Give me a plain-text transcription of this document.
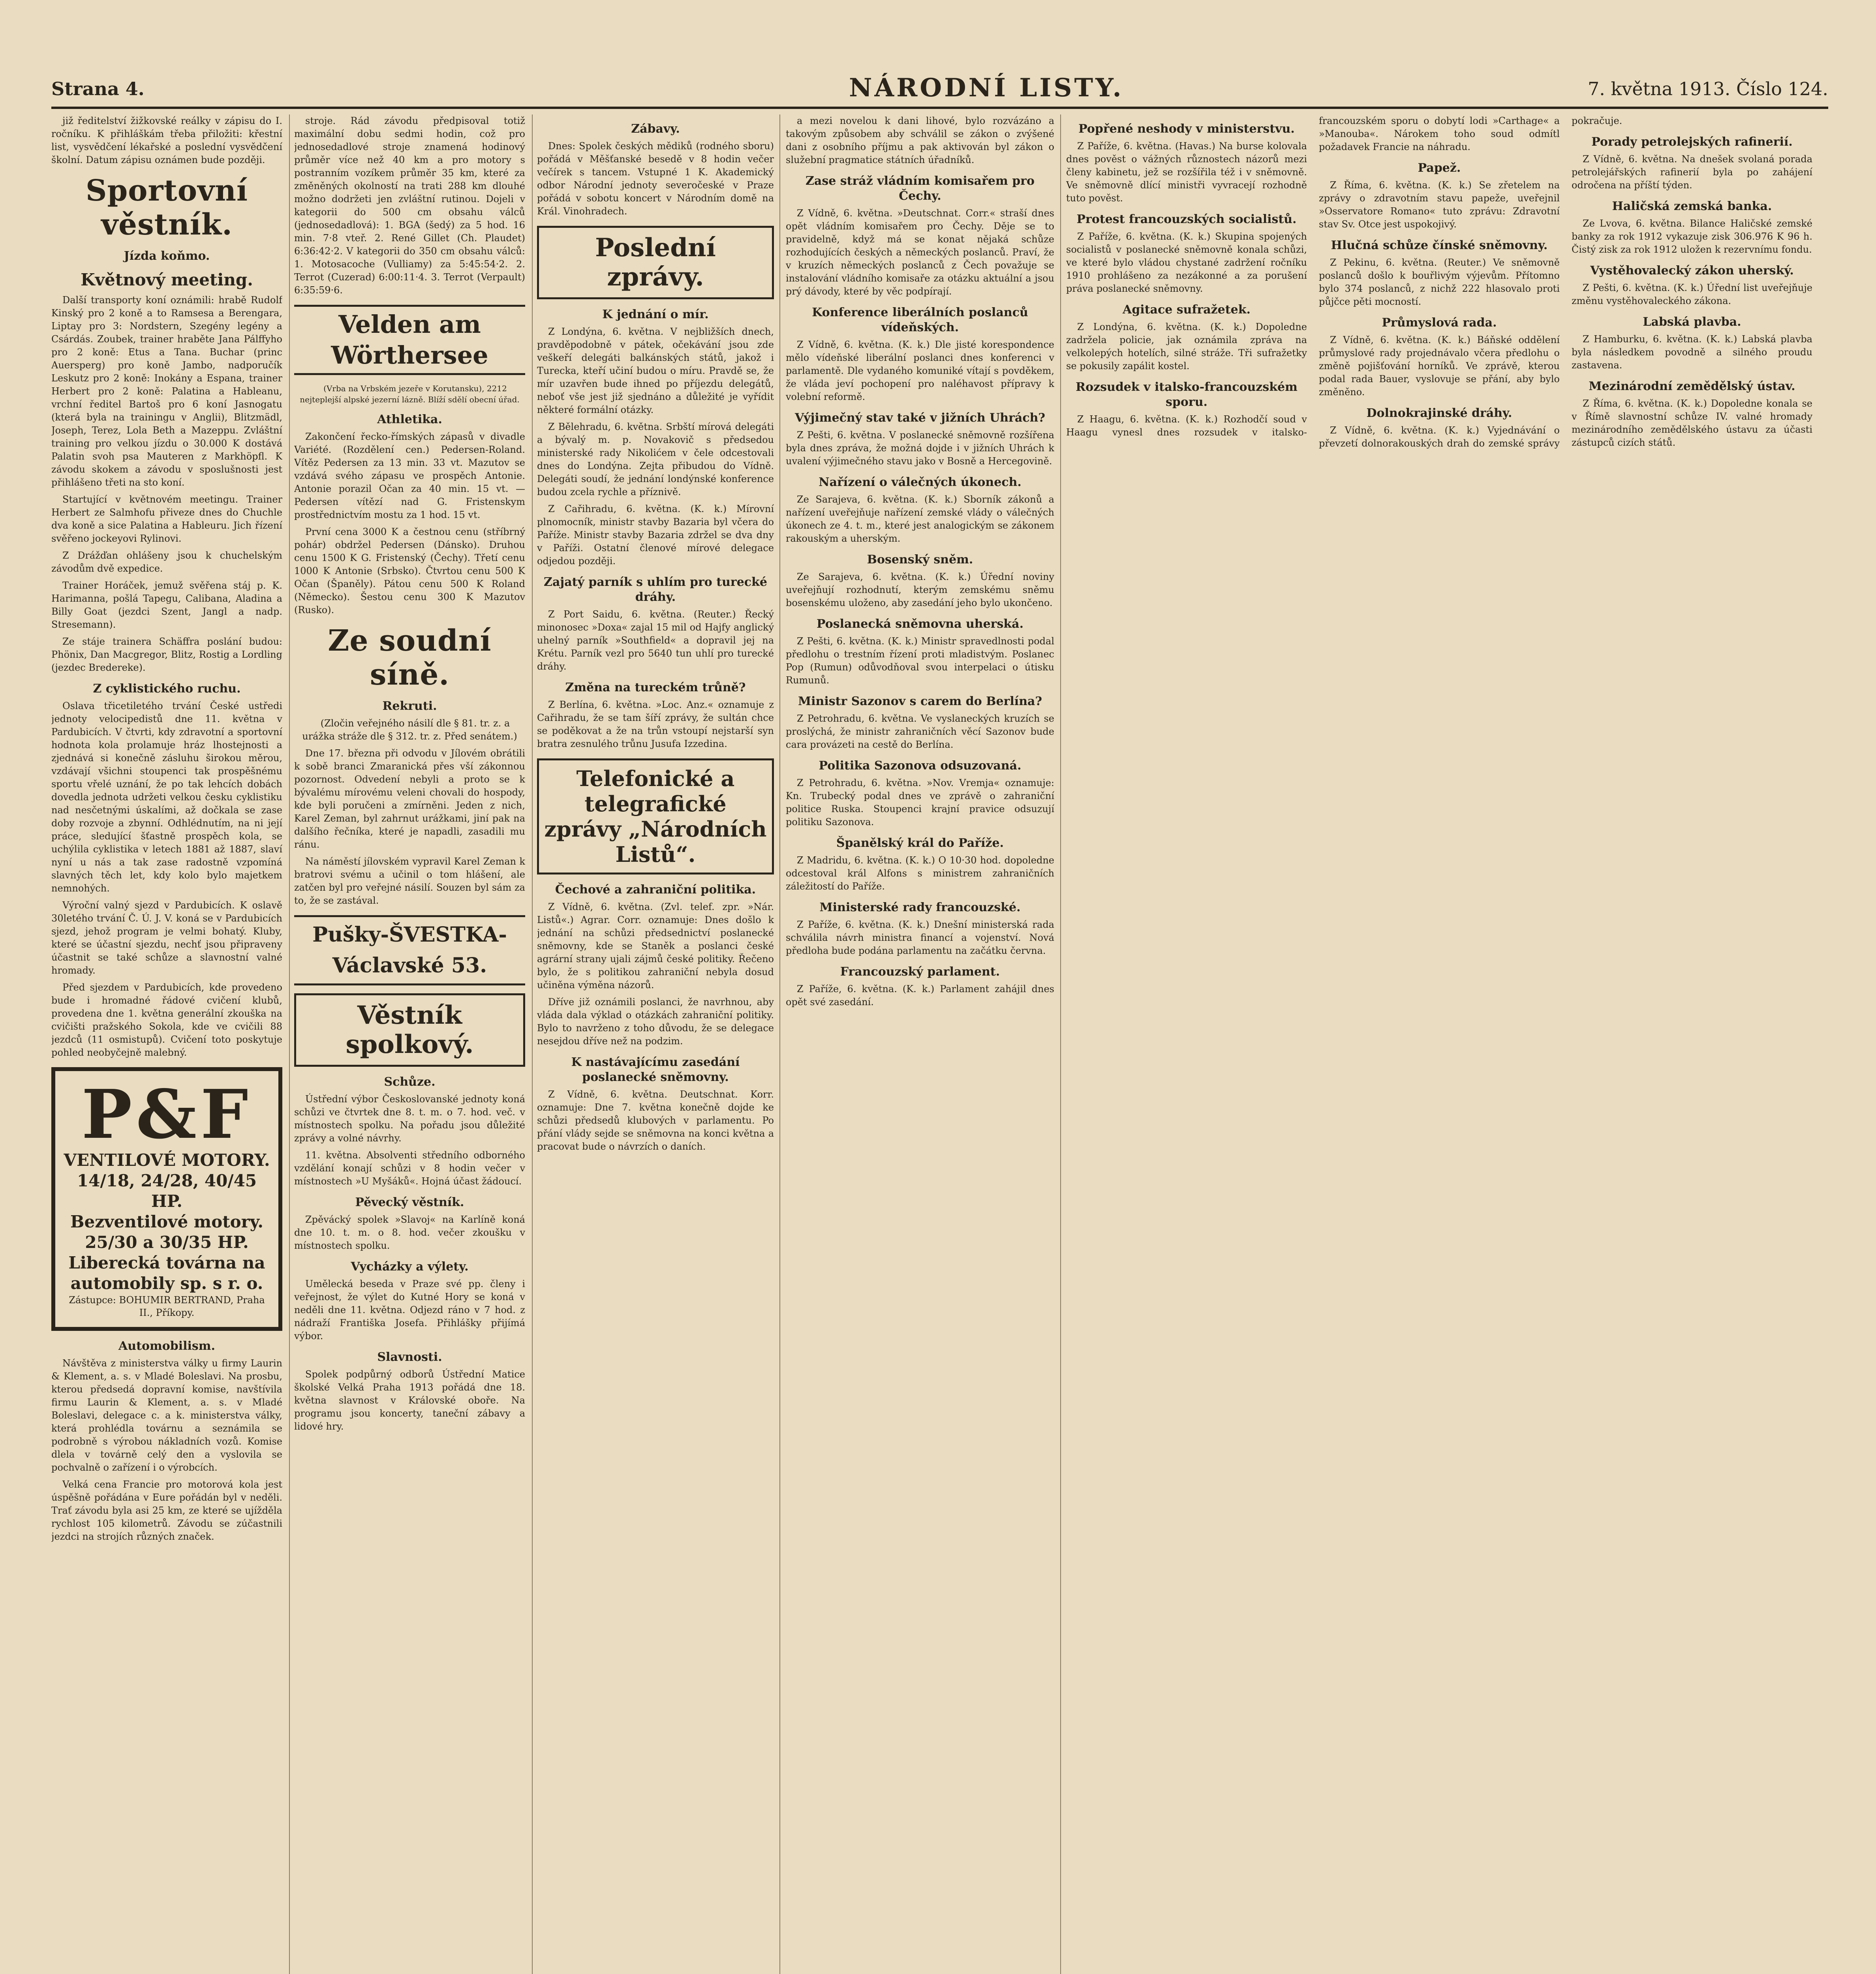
Strana 4.	NÁRODNÍ LISTY.	7. května 1913. Číslo 124.

již ředitelství žižkovské reálky v zápisu do I. ročníku. K přihláškám třeba přiložiti: křestní list, vysvědčení lékařské a poslední vysvědčení školní. Datum zápisu oznámen bude později.

Sportovní věstník.
Jízda koňmo.
Květnový meeting.

Další transporty koní oznámili: hrabě Rudolf Kinský pro 2 koně a to Ramsesa a Berengara, Liptay pro 3: Nordstern, Szegény legény a Csárdás. Zoubek, trainer hraběte Jana Pálffyho pro 2 koně: Etus a Tana. Buchar (princ Auersperg) pro koně Jambo, nadporučík Leskutz pro 2 koně: Inokány a Espana, trainer Herbert pro 2 koně: Palatina a Hableanu, vrchní ředitel Bartoš pro 6 koní Jasnogatu (která byla na trainingu v Anglii), Blitzmädl, Joseph, Terez, Lola Beth a Mazeppu. Zvláštní training pro velkou jízdu o 30.000 K dostává Palatin svoh psa Mauteren z Markhöpfl. K závodu skokem a závodu v sposlušnosti jest přihlášeno třeti na sto koní.

Startující v květnovém meetingu. Trainer Herbert ze Salmhofu přiveze dnes do Chuchle dva koně a sice Palatina a Hableuru. Jich řízení svěřeno jockeyovi Rylinovi.

Z Drážďan ohlášeny jsou k chuchelským závodům dvě expedice.

Trainer Horáček, jemuž svěřena stáj p. K. Harimanna, pošlá Tapegu, Calibana, Aladina a Billy Goat (jezdci Szent, Jangl a nadp. Stresemann).

Ze stáje trainera Schäffra poslání budou: Phönix, Dan Macgregor, Blitz, Rostig a Lordling (jezdec Bredereke).

Z cyklistického ruchu.

Oslava třicetiletého trvání České ustředi jednoty velocipedistů dne 11. května v Pardubicích. V čtvrti, kdy zdravotní a sportovní hodnota kola prolamuje hráz lhostejnosti a zjednává si konečně zásluhu širokou měrou, vzdávají všichni stoupenci tak prospěšnému sportu vřelé uznání, že po tak lehcích dobách dovedla jednota udržeti velkou česku cyklistiku nad nesčetnými úskalími, až dočkala se zase doby rozvoje a zbynní. Odhlédnutím, na ni její práce, sledující šťastně prospěch kola, se uchýlila cyklistika v letech 1881 až 1887, slaví nyní u nás a tak zase radostně vzpomíná slavných těch let, kdy kolo bylo majetkem nemnohých.

Výroční valný sjezd v Pardubicích. K oslavě 30letého trvání Č. Ú. J. V. koná se v Pardubicích sjezd, jehož program je velmi bohatý. Kluby, které se účastní sjezdu, nechť jsou připraveny účastnit se také schůze a slavnostní valné hromady.

Před sjezdem v Pardubicích, kde provedeno bude i hromadné řádové cvičení klubů, provedena dne 1. května generální zkouška na cvičišti pražského Sokola, kde ve cvičili 88 jezdců (11 osmistupů). Cvičení toto poskytuje pohled neobyčejně malebný.

P&F
VENTILOVÉ MOTORY.
14/18, 24/28, 40/45 HP.
Bezventilové motory.
25/30 a 30/35 HP.
Liberecká továrna na automobily sp. s r. o.
Zástupce: BOHUMIR BERTRAND, Praha II., Příkopy.
Automobilism.

Návštěva z ministerstva války u firmy Laurin & Klement, a. s. v Mladé Boleslavi. Na prosbu, kterou předsedá dopravní komise, navštívila firmu Laurin & Klement, a. s. v Mladé Boleslavi, delegace c. a k. ministerstva války, která prohlédla továrnu a seznámila se podrobně s výrobou nákladních vozů. Komise dlela v továrně celý den a vyslovila se pochvalně o zařízení i o výrobcích.

Velká cena Francie pro motorová kola jest úspěšně pořádána v Eure pořádán byl v neděli. Trať závodu byla asi 25 km, ze které se ujížděla rychlost 105 kilometrů. Závodu se zúčastnili jezdci na strojích různých značek.

stroje. Rád závodu předpisoval totiž maximální dobu sedmi hodin, což pro jednosedadlové stroje znamená hodinový průměr více než 40 km a pro motory s postranním vozíkem průměr 35 km, které za změněných okolností na trati 288 km dlouhé možno dodržeti jen zvláštní rutinou. Dojeli v kategorii do 500 cm obsahu válců (jednosedadlová): 1. BGA (šedý) za 5 hod. 16 min. 7·8 vteř. 2. René Gillet (Ch. Plaudet) 6:36:42·2. V kategorii do 350 cm obsahu válců: 1. Motosacoche (Vulliamy) za 5:45:54·2. 2. Terrot (Cuzerad) 6:00:11·4. 3. Terrot (Verpault) 6:35:59·6.

Velden am Wörthersee

(Vrba na Vrbském jezeře v Korutansku), 2212 nejteplejší alpské jezerní lázně. Blíží sdělí obecní úřad.

Athletika.

Zakončení řecko-římských zápasů v divadle Variété. (Rozdělení cen.) Pedersen-Roland. Vítěz Pedersen za 13 min. 33 vt. Mazutov se vzdává svého zápasu ve prospěch Antonie. Antonie porazil Očan za 40 min. 15 vt. — Pedersen vítězí nad G. Fristenskym prostřednictvím mostu za 1 hod. 15 vt.

První cena 3000 K a čestnou cenu (stříbrný pohár) obdržel Pedersen (Dánsko). Druhou cenu 1500 K G. Fristenský (Čechy). Třetí cenu 1000 K Antonie (Srbsko). Čtvrtou cenu 500 K Očan (Španěly). Pátou cenu 500 K Roland (Německo). Šestou cenu 300 K Mazutov (Rusko).

Ze soudní síně.
Rekruti.

(Zločin veřejného násilí dle § 81. tr. z. a urážka stráže dle § 312. tr. z. Před senátem.)

Dne 17. března při odvodu v Jílovém obrátili k sobě branci Zmaranická přes vší zákonnou pozornost. Odvedení nebyli a proto se k bývalému mírovému veleni chovali do hospody, kde byli poručeni a zmírněni. Jeden z nich, Karel Zeman, byl zahrnut urážkami, jiní pak na dalšího řečníka, které je napadli, zasadili mu ránu.

Na náměstí jílovském vypravil Karel Zeman k bratrovi svému a učinil o tom hlášení, ale zatčen byl pro veřejné násilí. Souzen byl sám za to, že se zastával.

Pušky-ŠVESTKA-Václavské 53.
Věstník spolkový.
Schůze.

Ústřední výbor Českoslovanské jednoty koná schůzi ve čtvrtek dne 8. t. m. o 7. hod. več. v místnostech spolku. Na pořadu jsou důležité zprávy a volné návrhy.

11. května. Absolventi středního odborného vzdělání konají schůzi v 8 hodin večer v místnostech »U Myšáků«. Hojná účast žádoucí.

Pěvecký věstník.

Zpěvácký spolek »Slavoj« na Karlíně koná dne 10. t. m. o 8. hod. večer zkoušku v místnostech spolku.

Vycházky a výlety.

Umělecká beseda v Praze své pp. členy i veřejnost, že výlet do Kutné Hory se koná v neděli dne 11. května. Odjezd ráno v 7 hod. z nádraží Františka Josefa. Přihlášky přijímá výbor.

Slavnosti.

Spolek podpůrný odborů Ústřední Matice školské Velká Praha 1913 pořádá dne 18. května slavnost v Královské oboře. Na programu jsou koncerty, taneční zábavy a lidové hry.

Zábavy.

Dnes: Spolek českých mědiků (rodného sboru) pořádá v Měšťanské besedě v 8 hodin večer večírek s tancem. Vstupné 1 K. Akademický odbor Národní jednoty severočeské v Praze pořádá v sobotu koncert v Národním domě na Král. Vinohradech.

Poslední zprávy.
K jednání o mír.

Z Londýna, 6. května. V nejbližších dnech, pravděpodobně v pátek, očekávání jsou zde veškeří delegáti balkánských států, jakož i Turecka, kteří učiní budou o míru. Pravdě se, že mír uzavřen bude ihned po příjezdu delegátů, neboť vše jest již sjednáno a důležité je vyřídit některé formální otázky.

Z Bělehradu, 6. května. Srbští mírová delegáti a bývalý m. p. Novakovič s předsedou ministerské rady Nikolićem v čele odcestovali dnes do Londýna. Zejta přibudou do Vídně. Delegáti soudí, že jednání londýnské konference budou zcela rychle a příznivě.

Z Cařihradu, 6. května. (K. k.) Mírovní plnomocník, ministr stavby Bazaria byl včera do Paříže. Ministr stavby Bazaria zdržel se dva dny v Paříži. Ostatní členové mírové delegace odjedou později.

Zajatý parník s uhlím pro turecké dráhy.

Z Port Saidu, 6. května. (Reuter.) Řecký minonosec »Doxa« zajal 15 mil od Hajfy anglický uhelný parník »Southfield« a dopravil jej na Krétu. Parník vezl pro 5640 tun uhlí pro turecké dráhy.

Změna na tureckém trůně?

Z Berlína, 6. května. »Loc. Anz.« oznamuje z Cařihradu, že se tam šíří zprávy, že sultán chce se poděkovat a že na trůn vstoupí nejstarší syn bratra zesnulého trůnu Jusufa Izzedina.

Telefonické a telegrafické zprávy „Národních Listů“.
Čechové a zahraniční politika.

Z Vídně, 6. května. (Zvl. telef. zpr. »Nár. Listů«.) Agrar. Corr. oznamuje: Dnes došlo k jednání na schůzi předsednictví poslanecké sněmovny, kde se Staněk a poslanci české agrární strany ujali zájmů české politiky. Řečeno bylo, že s politikou zahraniční nebyla dosud učiněna výměna názorů.

Dříve již oznámili poslanci, že navrhnou, aby vláda dala výklad o otázkách zahraniční politiky. Bylo to navrženo z toho důvodu, že se delegace nesejdou dříve než na podzim.

K nastávajícímu zasedání poslanecké sněmovny.

Z Vídně, 6. května. Deutschnat. Korr. oznamuje: Dne 7. května konečně dojde ke schůzi předsedů klubových v parlamentu. Po přání vlády sejde se sněmovna na konci května a pracovat bude o návrzích o daních.

a mezi novelou k dani lihové, bylo rozvázáno a takovým způsobem aby schválil se zákon o zvýšené dani z osobního příjmu a pak aktivován byl zákon o služební pragmatice státních úřadníků.

Zase stráž vládním komisařem pro Čechy.

Z Vídně, 6. května. »Deutschnat. Corr.« straší dnes opět vládním komisařem pro Čechy. Děje se to pravidelně, když má se konat nějaká schůze rozhodujících českých a německých poslanců. Praví, že v kruzích německých poslanců z Čech považuje se instalování vládního komisaře za otázku aktuální a jsou prý dávody, které by věc podpírají.

Konference liberálních poslanců vídeňských.

Z Vídně, 6. května. (K. k.) Dle jisté korespondence mělo vídeňské liberální poslanci dnes konferenci v parlamentě. Dle vydaného komuniké vítají s povděkem, že vláda jeví pochopení pro naléhavost přípravy k volební reformě.

Výjimečný stav také v jižních Uhrách?

Z Pešti, 6. května. V poslanecké sněmovně rozšířena byla dnes zpráva, že možná dojde i v jižních Uhrách k uvalení výjimečného stavu jako v Bosně a Hercegovině.

Nařízení o válečných úkonech.

Ze Sarajeva, 6. května. (K. k.) Sborník zákonů a nařízení uveřejňuje nařízení zemské vlády o válečných úkonech ze 4. t. m., které jest analogickým se zákonem rakouským a uherským.

Bosenský sněm.

Ze Sarajeva, 6. května. (K. k.) Úřední noviny uveřejňují rozhodnutí, kterým zemskému sněmu bosenskému uloženo, aby zasedání jeho bylo ukončeno.

Poslanecká sněmovna uherská.

Z Pešti, 6. května. (K. k.) Ministr spravedlnosti podal předlohu o trestním řízení proti mladistvým. Poslanec Pop (Rumun) odůvodňoval svou interpelaci o útisku Rumunů.

Ministr Sazonov s carem do Berlína?

Z Petrohradu, 6. května. Ve vyslaneckých kruzích se proslýchá, že ministr zahraničních věcí Sazonov bude cara provázeti na cestě do Berlína.

Politika Sazonova odsuzovaná.

Z Petrohradu, 6. května. »Nov. Vremja« oznamuje: Kn. Trubecký podal dnes ve zprávě o zahraniční politice Ruska. Stoupenci krajní pravice odsuzují politiku Sazonova.

Španělský král do Paříže.

Z Madridu, 6. května. (K. k.) O 10·30 hod. dopoledne odcestoval král Alfons s ministrem zahraničních záležitostí do Paříže.

Ministerské rady francouzské.

Z Paříže, 6. května. (K. k.) Dnešní ministerská rada schválila návrh ministra financí a vojenství. Nová předloha bude podána parlamentu na začátku června.

Francouzský parlament.

Z Paříže, 6. května. (K. k.) Parlament zahájil dnes opět své zasedání.

Popřené neshody v ministerstvu.

Z Paříže, 6. května. (Havas.) Na burse kolovala dnes pověst o vážných různostech názorů mezi členy kabinetu, jež se rozšířila též i v sněmovně. Ve sněmovně dlící ministři vyvracejí rozhodně tuto pověst.

Protest francouzských socialistů.

Z Paříže, 6. května. (K. k.) Skupina spojených socialistů v poslanecké sněmovně konala schůzi, ve které bylo vládou chystané zadržení ročníku 1910 prohlášeno za nezákonné a za porušení práva poslanecké sněmovny.

Agitace sufražetek.

Z Londýna, 6. května. (K. k.) Dopoledne zadržela policie, jak oznámila zpráva na velkolepých hotelích, silné stráže. Tři sufražetky se pokusily zapálit kostel.

Rozsudek v italsko-francouzském sporu.

Z Haagu, 6. května. (K. k.) Rozhodčí soud v Haagu vynesl dnes rozsudek v italsko-francouzském sporu o dobytí lodi »Carthage« a »Manouba«. Nárokem toho soud odmítl požadavek Francie na náhradu.

Papež.

Z Říma, 6. května. (K. k.) Se zřetelem na zprávy o zdravotním stavu papeže, uveřejnil »Osservatore Romano« tuto zprávu: Zdravotní stav Sv. Otce jest uspokojivý.

Hlučná schůze čínské sněmovny.

Z Pekinu, 6. května. (Reuter.) Ve sněmovně poslanců došlo k bouřlivým výjevům. Přítomno bylo 374 poslanců, z nichž 222 hlasovalo proti půjčce pěti mocností.

Průmyslová rada.

Z Vídně, 6. května. (K. k.) Báňské oddělení průmyslové rady projednávalo včera předlohu o změně pojišťování horníků. Ve zprávě, kterou podal rada Bauer, vyslovuje se přání, aby bylo změněno.

Dolnokrajinské dráhy.

Z Vídně, 6. května. (K. k.) Vyjednávání o převzetí dolnorakouských drah do zemské správy pokračuje.

Porady petrolejských rafinerií.

Z Vídně, 6. května. Na dnešek svolaná porada petrolejářských rafinerií byla po zahájení odročena na příští týden.

Haličská zemská banka.

Ze Lvova, 6. května. Bilance Haličské zemské banky za rok 1912 vykazuje zisk 306.976 K 96 h. Čistý zisk za rok 1912 uložen k rezervnímu fondu.

Vystěhovalecký zákon uherský.

Z Pešti, 6. května. (K. k.) Úřední list uveřejňuje změnu vystěhovaleckého zákona.

Labská plavba.

Z Hamburku, 6. května. (K. k.) Labská plavba byla následkem povodně a silného proudu zastavena.

Mezinárodní zemědělský ústav.

Z Říma, 6. května. (K. k.) Dopoledne konala se v Římě slavnostní schůze IV. valné hromady mezinárodního zemědělského ústavu za účasti zástupců cizích států.
